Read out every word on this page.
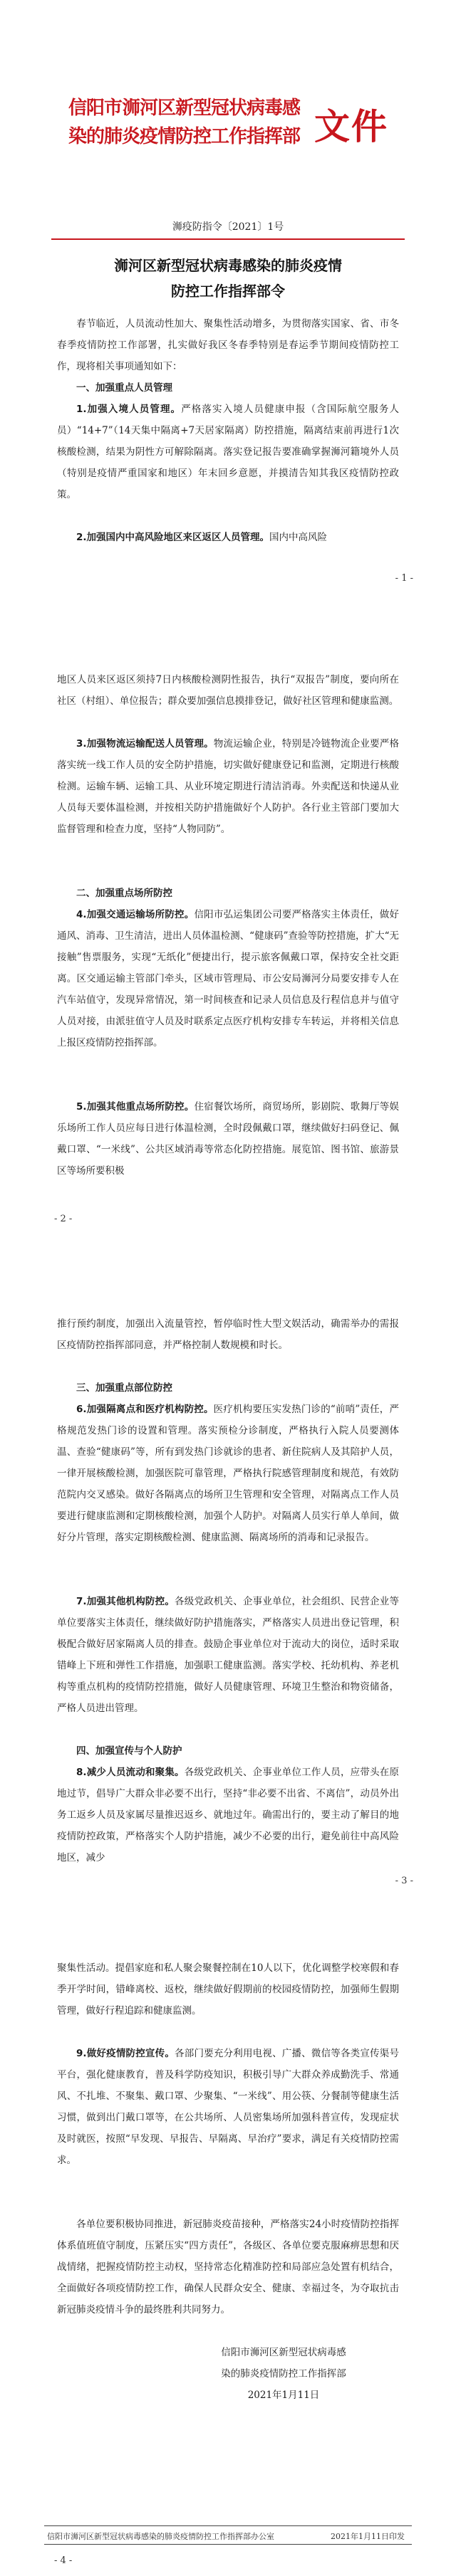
信阳市浉河区新型冠状病毒感
染的肺炎疫情防控工作指挥部 文件
浉疫防指令〔2021〕1号
浉河区新型冠状病毒感染的肺炎疫情
防控工作指挥部令
春节临近，人员流动性加大、聚集性活动增多，为贯彻落实国家、省、市冬春季疫情防控工作部署，扎实做好我区冬春季特别是春运季节期间疫情防控工作，现将相关事项通知如下：
一、加强重点人员管理
1.加强入境人员管理。严格落实入境人员健康申报（含国际航空服务人员）“14+7”（14天集中隔离+7天居家隔离）防控措施，隔离结束前再进行1次核酸检测，结果为阴性方可解除隔离。落实登记报告要准确掌握浉河籍境外人员（特别是疫情严重国家和地区）年末回乡意愿，并摸清告知其我区疫情防控政策。
2.加强国内中高风险地区来区返区人员管理。国内中高风险
- 1 -
地区人员来区返区须持7日内核酸检测阴性报告，执行“双报告”制度，要向所在社区（村组）、单位报告；群众要加强信息摸排登记，做好社区管理和健康监测。
3.加强物流运输配送人员管理。物流运输企业，特别是冷链物流企业要严格落实统一线工作人员的安全防护措施，切实做好健康登记和监测，定期进行核酸检测。运输车辆、运输工具、从业环境定期进行清洁消毒。外卖配送和快递从业人员每天要体温检测，并按相关防护措施做好个人防护。各行业主管部门要加大监督管理和检查力度，坚持“人物同防”。
二、加强重点场所防控
4.加强交通运输场所防控。信阳市弘运集团公司要严格落实主体责任，做好通风、消毒、卫生清洁，进出人员体温检测、“健康码”查验等防控措施，扩大“无接触”售票服务，实现“无纸化”便捷出行，提示旅客佩戴口罩，保持安全社交距离。区交通运输主管部门牵头，区域市管理局、市公安局浉河分局要安排专人在汽车站值守，发现异常情况，第一时间核查和记录人员信息及行程信息并与值守人员对接，由派驻值守人员及时联系定点医疗机构安排专车转运，并将相关信息上报区疫情防控指挥部。
5.加强其他重点场所防控。住宿餐饮场所，商贸场所，影剧院、歌舞厅等娱乐场所工作人员应每日进行体温检测，全时段佩戴口罩，继续做好扫码登记、佩戴口罩、“一米线”、公共区域消毒等常态化防控措施。展览馆、图书馆、旅游景区等场所要积极
- 2 -
推行预约制度，加强出入流量管控，暂停临时性大型文娱活动，确需举办的需报区疫情防控指挥部同意，并严格控制人数规模和时长。
三、加强重点部位防控
6.加强隔离点和医疗机构防控。医疗机构要压实发热门诊的“前哨”责任，严格规范发热门诊的设置和管理。落实预检分诊制度，严格执行入院人员要测体温、查验“健康码”等，所有到发热门诊就诊的患者、新住院病人及其陪护人员，一律开展核酸检测，加强医院可靠管理，严格执行院感管理制度和规范，有效防范院内交叉感染。做好各隔离点的场所卫生管理和安全管理，对隔离点工作人员要进行健康监测和定期核酸检测，加强个人防护。对隔离人员实行单人单间，做好分片管理，落实定期核酸检测、健康监测、隔离场所的消毒和记录报告。
7.加强其他机构防控。各级党政机关、企事业单位，社会组织、民营企业等单位要落实主体责任，继续做好防护措施落实，严格落实人员进出登记管理，积极配合做好居家隔离人员的排查。鼓励企事业单位对于流动大的岗位，适时采取错峰上下班和弹性工作措施，加强职工健康监测。落实学校、托幼机构、养老机构等重点机构的疫情防控措施，做好人员健康管理、环境卫生整治和物资储备，严格人员进出管理。
四、加强宣传与个人防护
8.减少人员流动和聚集。各级党政机关、企事业单位工作人员，应带头在原地过节，倡导广大群众非必要不出行，坚持“非必要不出省、不离信”，动员外出务工返乡人员及家属尽量推迟返乡、就地过年。确需出行的，要主动了解目的地疫情防控政策，严格落实个人防护措施，减少不必要的出行，避免前往中高风险地区，减少
- 3 -
聚集性活动。提倡家庭和私人聚会聚餐控制在10人以下，优化调整学校寒假和春季开学时间，错峰离校、返校，继续做好假期前的校园疫情防控，加强师生假期管理，做好行程追踪和健康监测。
9.做好疫情防控宣传。各部门要充分利用电视、广播、微信等各类宣传渠号平台，强化健康教育，普及科学防疫知识，积极引导广大群众养成勤洗手、常通风、不扎堆、不聚集、戴口罩、少聚集、“一米线”、用公筷、分餐制等健康生活习惯，做到出门戴口罩等，在公共场所、人员密集场所加强科普宣传，发现症状及时就医，按照“早发现、早报告、早隔离、早治疗”要求，满足有关疫情防控需求。
各单位要积极协同推进，新冠肺炎疫苗接种，严格落实24小时疫情防控指挥体系值班值守制度，压紧压实“四方责任”，各级区、各单位要克服麻痹思想和厌战情绪，把握疫情防控主动权，坚持常态化精准防控和局部应急处置有机结合，全面做好各项疫情防控工作，确保人民群众安全、健康、幸福过冬，为夺取抗击新冠肺炎疫情斗争的最终胜利共同努力。
信阳市浉河区新型冠状病毒感
染的肺炎疫情防控工作指挥部
2021年1月11日
信阳市浉河区新型冠状病毒感染的肺炎疫情防控工作指挥部办公室	2021年1月11日印发
- 4 -
